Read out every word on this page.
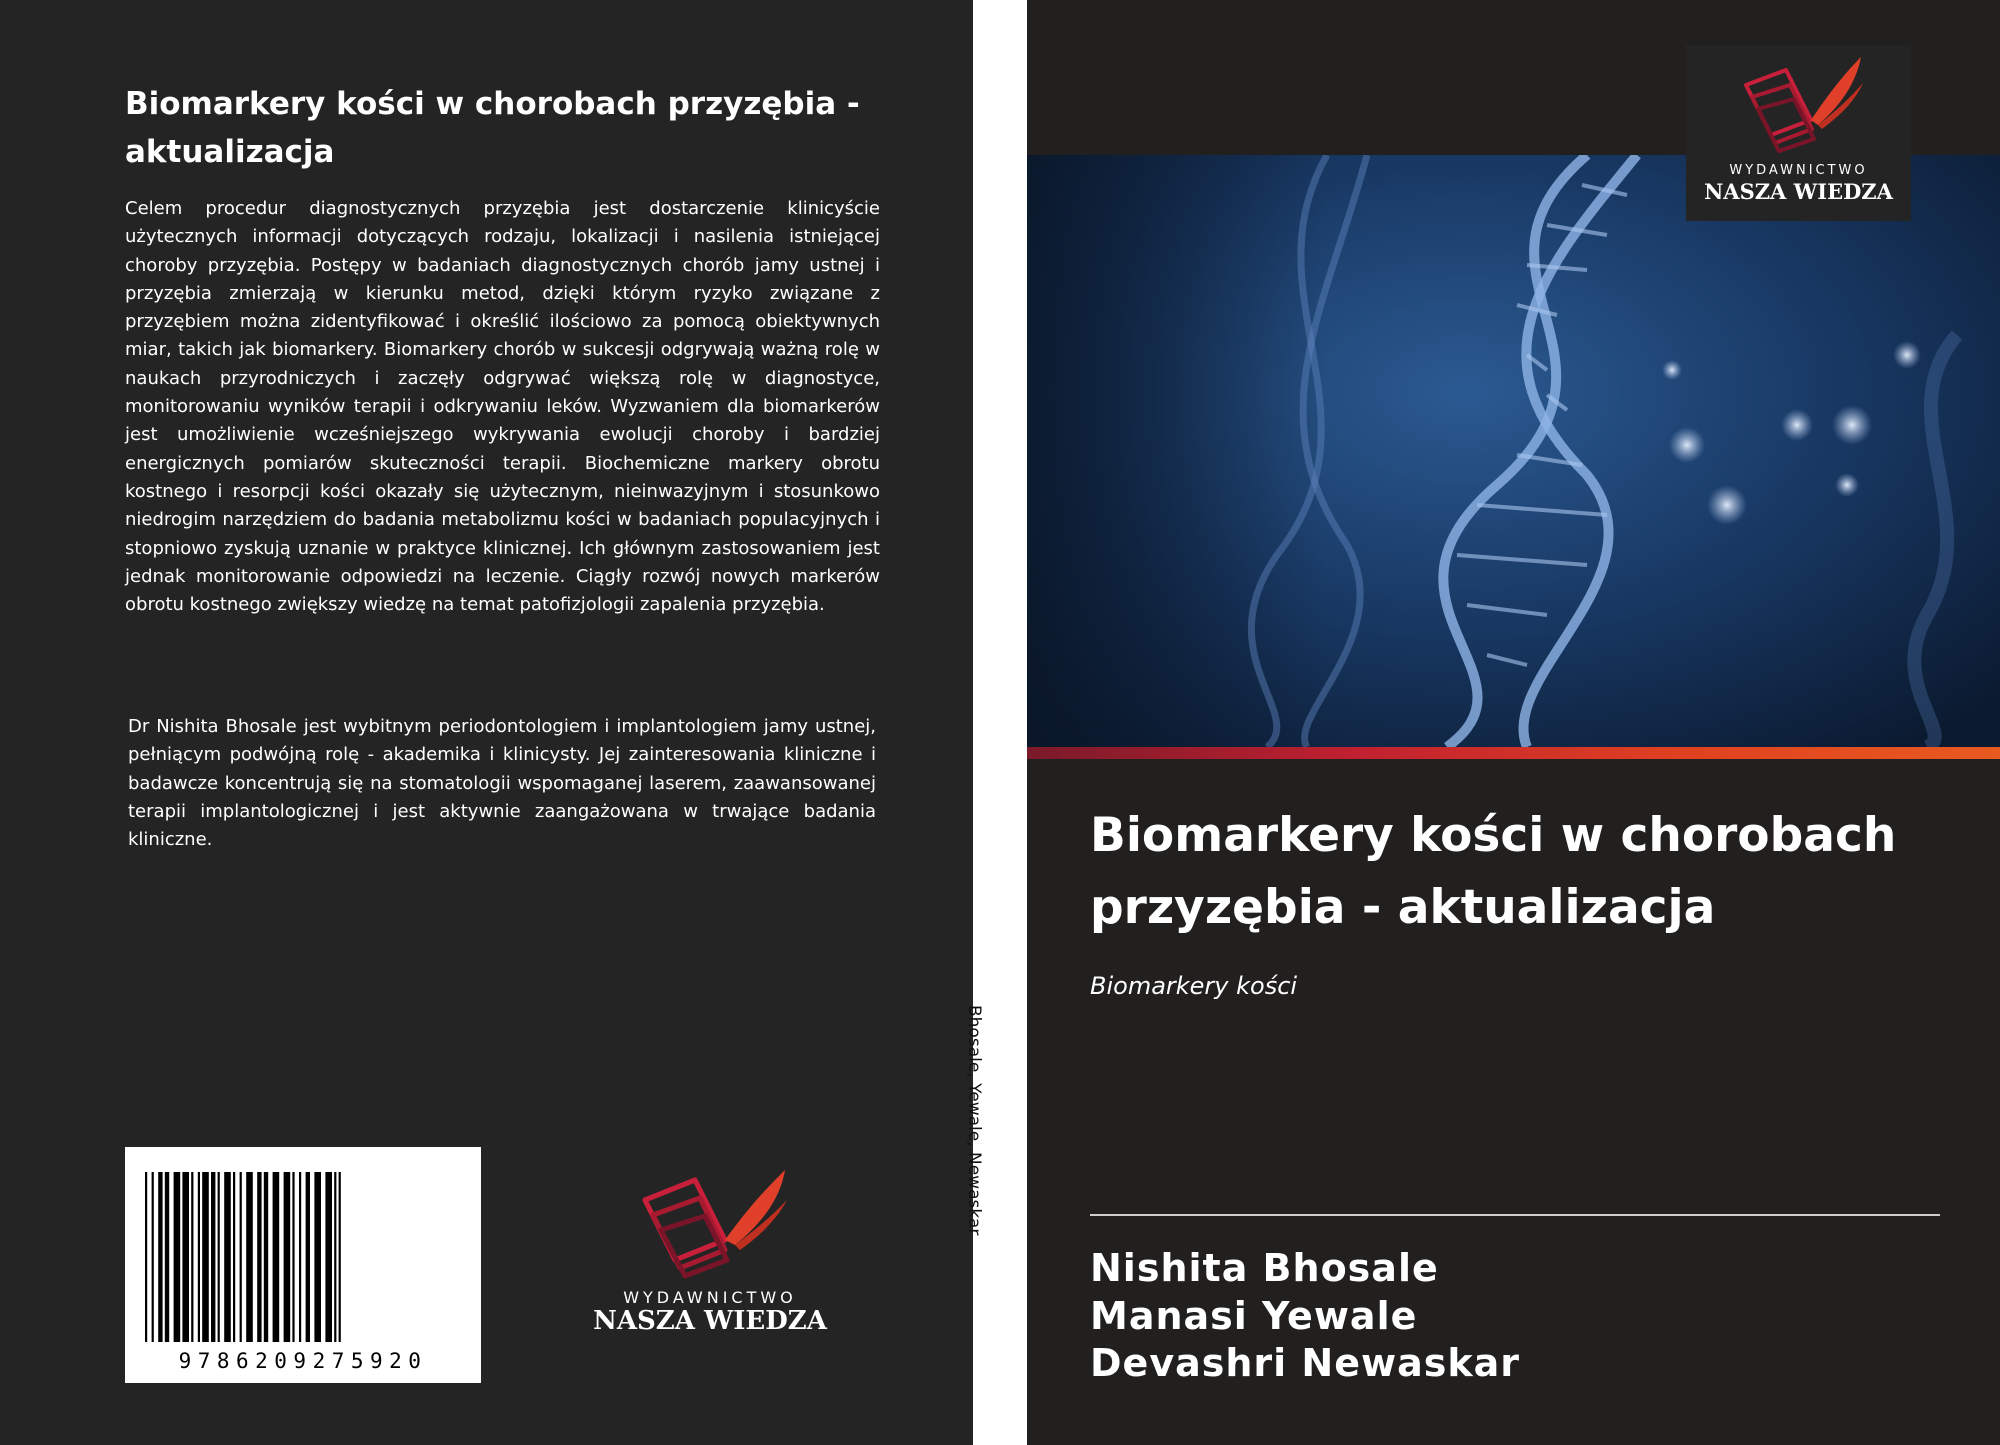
Biomarkery kości w chorobach przyzębia - aktualizacja

Celem procedur diagnostycznych przyzębia jest dostarczenie klinicyście użytecznych informacji dotyczących rodzaju, lokalizacji i nasilenia istniejącej choroby przyzębia. Postępy w badaniach diagnostycznych chorób jamy ustnej i przyzębia zmierzają w kierunku metod, dzięki którym ryzyko związane z przyzębiem można zidentyfikować i określić ilościowo za pomocą obiektywnych miar, takich jak biomarkery. Biomarkery chorób w sukcesji odgrywają ważną rolę w naukach przyrodniczych i zaczęły odgrywać większą rolę w diagnostyce, monitorowaniu wyników terapii i odkrywaniu leków. Wyzwaniem dla biomarkerów jest umożliwienie wcześniejszego wykrywania ewolucji choroby i bardziej energicznych pomiarów skuteczności terapii. Biochemiczne markery obrotu kostnego i resorpcji kości okazały się użytecznym, nieinwazyjnym i stosunkowo niedrogim narzędziem do badania metabolizmu kości w badaniach populacyjnych i stopniowo zyskują uznanie w praktyce klinicznej. Ich głównym zastosowaniem jest jednak monitorowanie odpowiedzi na leczenie. Ciągły rozwój nowych markerów obrotu kostnego zwiększy wiedzę na temat patofizjologii zapalenia przyzębia.

Dr Nishita Bhosale jest wybitnym periodontologiem i implantologiem jamy ustnej, pełniącym podwójną rolę - akademika i klinicysty. Jej zainteresowania kliniczne i badawcze koncentrują się na stomatologii wspomaganej laserem, zaawansowanej terapii implantologicznej i jest aktywnie zaangażowana w trwające badania kliniczne.

9786209275920
WYDAWNICTWO
NASZA WIEDZA
Bhosale, Yewale, Newaskar
WYDAWNICTWO
NASZA WIEDZA
Biomarkery kości w chorobach przyzębia - aktualizacja
Biomarkery kości
Nishita Bhosale
Manasi Yewale
Devashri Newaskar
